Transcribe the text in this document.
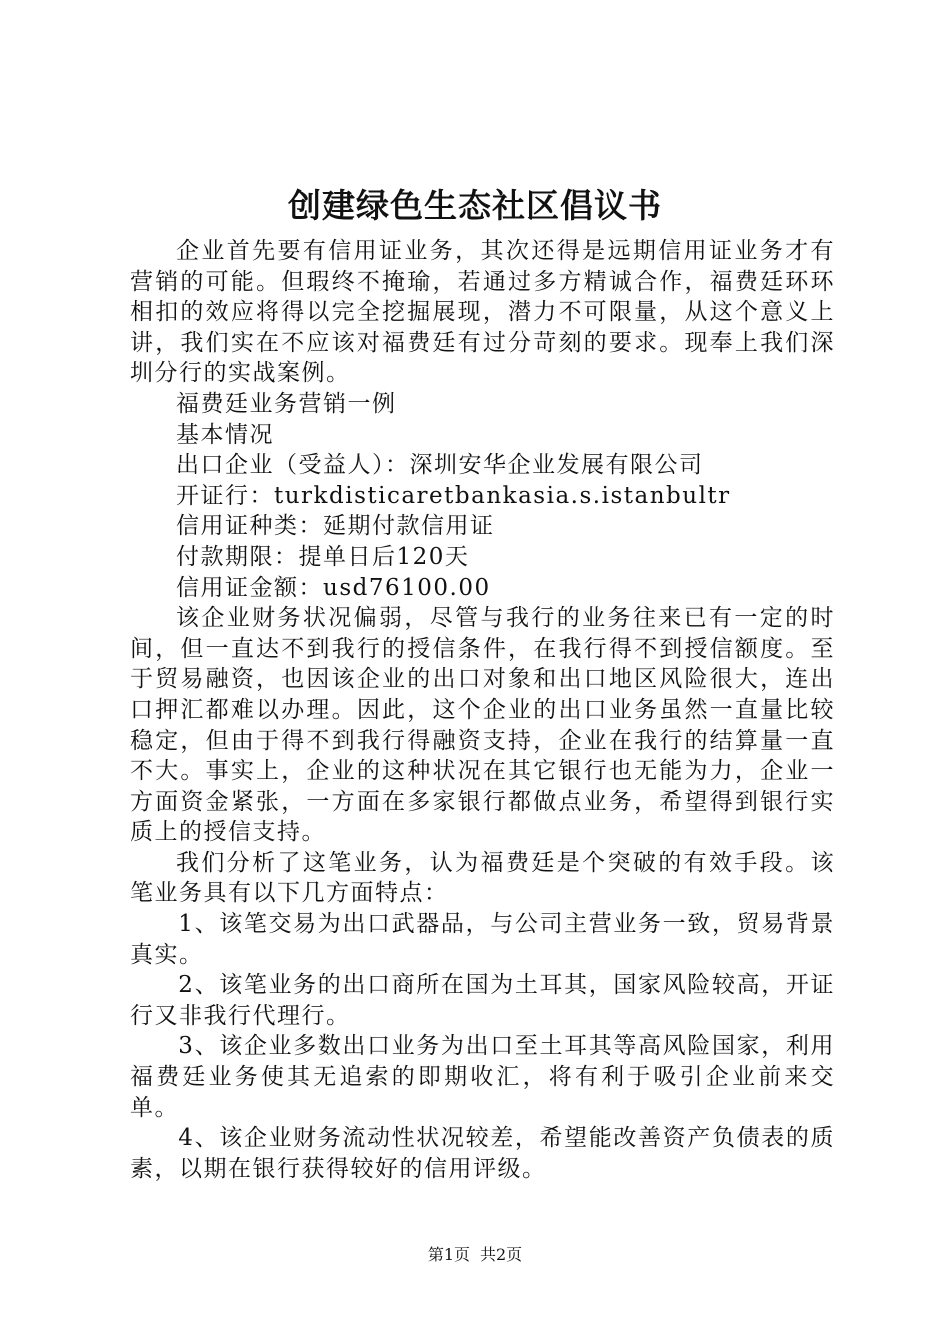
创建绿色生态社区倡议书

企业首先要有信用证业务，其次还得是远期信用证业务才有营销的可能。但瑕终不掩瑜，若通过多方精诚合作，福费廷环环相扣的效应将得以完全挖掘展现，潜力不可限量，从这个意义上讲，我们实在不应该对福费廷有过分苛刻的要求。现奉上我们深圳分行的实战案例。

福费廷业务营销一例

基本情况

出口企业（受益人）：深圳安华企业发展有限公司

开证行：turkdisticaretbankasia.s.istanbultr

信用证种类：延期付款信用证

付款期限：提单日后120天

信用证金额：usd76100.00

该企业财务状况偏弱，尽管与我行的业务往来已有一定的时间，但一直达不到我行的授信条件，在我行得不到授信额度。至于贸易融资，也因该企业的出口对象和出口地区风险很大，连出口押汇都难以办理。因此，这个企业的出口业务虽然一直量比较稳定，但由于得不到我行得融资支持，企业在我行的结算量一直不大。事实上，企业的这种状况在其它银行也无能为力，企业一方面资金紧张，一方面在多家银行都做点业务，希望得到银行实质上的授信支持。

我们分析了这笔业务，认为福费廷是个突破的有效手段。该笔业务具有以下几方面特点：

1、该笔交易为出口武器品，与公司主营业务一致，贸易背景真实。

2、该笔业务的出口商所在国为土耳其，国家风险较高，开证行又非我行代理行。

3、该企业多数出口业务为出口至土耳其等高风险国家，利用福费廷业务使其无追索的即期收汇，将有利于吸引企业前来交单。

4、该企业财务流动性状况较差，希望能改善资产负债表的质素，以期在银行获得较好的信用评级。

第1页 共2页
